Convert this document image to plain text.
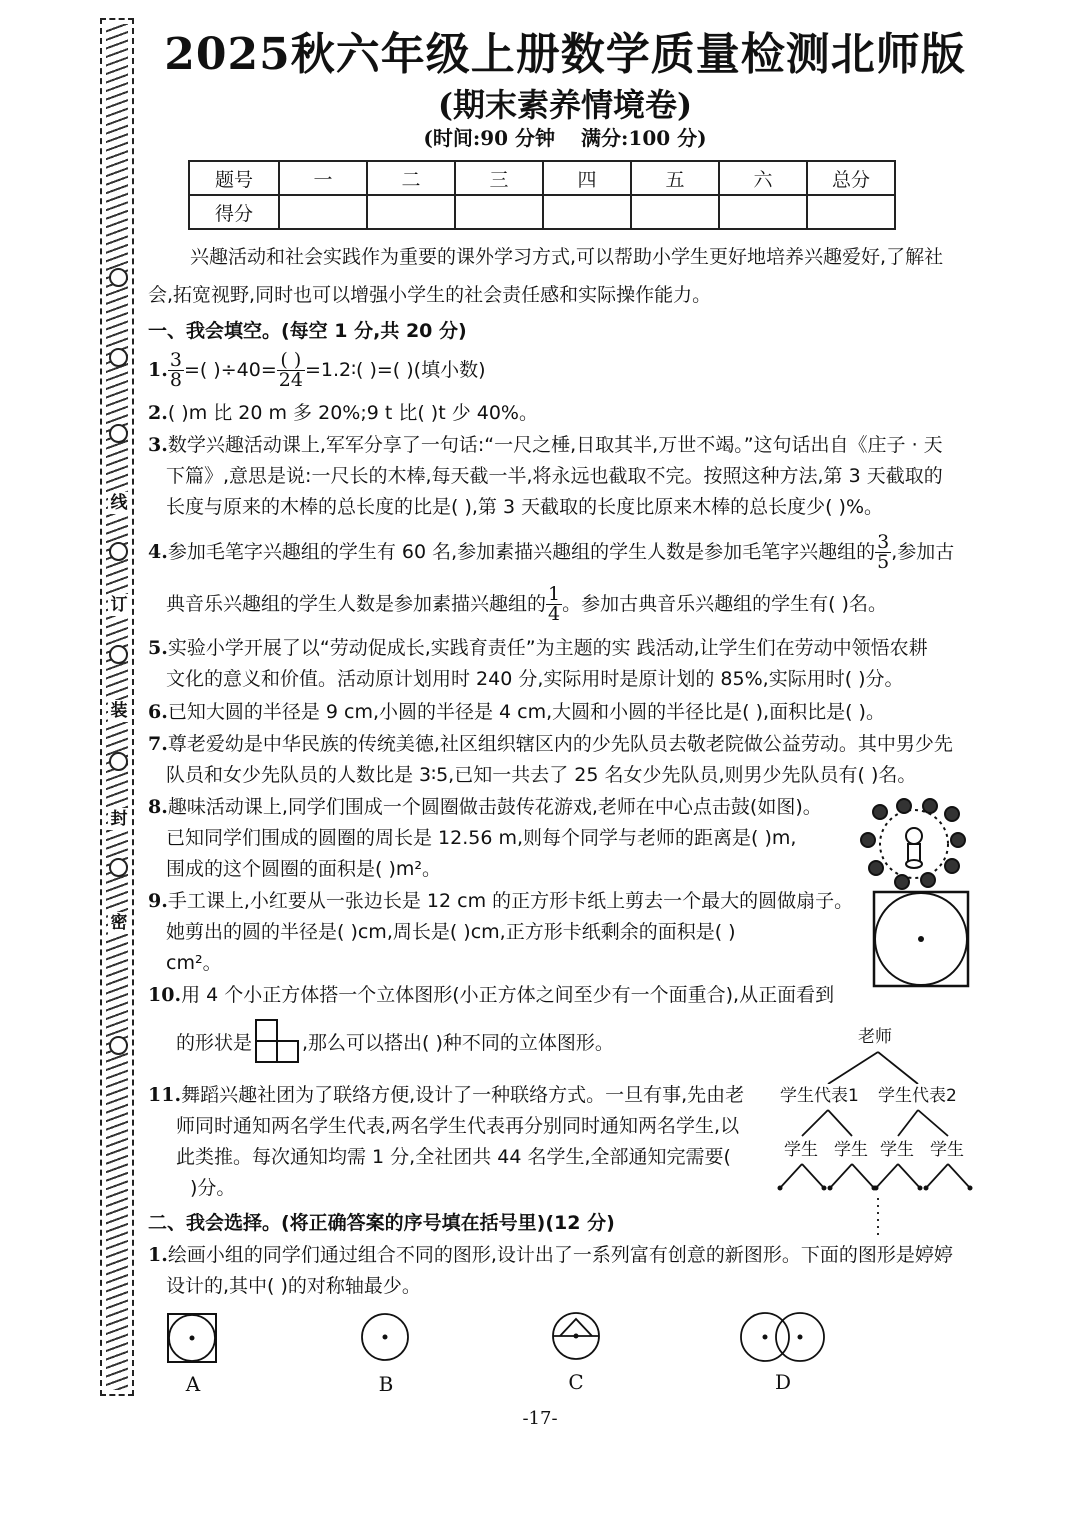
线
订
装
封
密
2025秋六年级上册数学质量检测北师版
(期末素养情境卷)
(时间:90 分钟 满分:100 分)
题号	一	二	三	四	五	六	总分
得分							
兴趣活动和社会实践作为重要的课外学习方式,可以帮助小学生更好地培养兴趣爱好,了解社
会,拓宽视野,同时也可以增强小学生的社会责任感和实际操作能力。
一、我会填空。(每空 1 分,共 20 分)
1. $\frac{3}{8}$ =( )$\div 40= \frac{( )}{24}$ =1.2∶( )=( )(填小数)
2.( )m 比 20 m 多 20%;9 t 比( )t 少 40%。
3.数学兴趣活动课上,军军分享了一句话:“一尺之棰,日取其半,万世不竭。”这句话出自《庄子 · 天
下篇》,意思是说:一尺长的木棒,每天截一半,将永远也截取不完。按照这种方法,第 3 天截取的
长度与原来的木棒的总长度的比是( ),第 3 天截取的长度比原来木棒的总长度少( )%。
4.参加毛笔字兴趣组的学生有 60 名,参加素描兴趣组的学生人数是参加毛笔字兴趣组的 $\frac{3}{5}$ ,参加古
典音乐兴趣组的学生人数是参加素描兴趣组的 $\frac{1}{4}$ 。参加古典音乐兴趣组的学生有( )名。
5.实验小学开展了以“劳动促成长,实践育责任”为主题的实 践活动,让学生们在劳动中领悟农耕
文化的意义和价值。活动原计划用时 240 分,实际用时是原计划的 85%,实际用时( )分。
6.已知大圆的半径是 9 cm,小圆的半径是 4 cm,大圆和小圆的半径比是( ),面积比是( )。
7.尊老爱幼是中华民族的传统美德,社区组织辖区内的少先队员去敬老院做公益劳动。其中男少先
队员和女少先队员的人数比是 3∶5,已知一共去了 25 名女少先队员,则男少先队员有( )名。
8.趣味活动课上,同学们围成一个圆圈做击鼓传花游戏,老师在中心点击鼓(如图)。
已知同学们围成的圆圈的周长是 12.56 m,则每个同学与老师的距离是( )m,
围成的这个圆圈的面积是( )m²。
9.手工课上,小红要从一张边长是 12 cm 的正方形卡纸上剪去一个最大的圆做扇子。
她剪出的圆的半径是( )cm,周长是( )cm,正方形卡纸剩余的面积是( )
cm²。
10.用 4 个小正方体搭一个立体图形(小正方体之间至少有一个面重合),从正面看到
的形状是	,那么可以搭出( )种不同的立体图形。
11.舞蹈兴趣社团为了联络方便,设计了一种联络方式。一旦有事,先由老
师同时通知两名学生代表,两名学生代表再分别同时通知两名学生,以
此类推。每次通知均需 1 分,全社团共 44 名学生,全部通知完需要(
)分。
老师
学生代表1 学生代表2
学生 学生 学生 学生
二、我会选择。(将正确答案的序号填在括号里)(12 分)
1.绘画小组的同学们通过组合不同的图形,设计出了一系列富有创意的新图形。下面的图形是婷婷
设计的,其中( )的对称轴最少。
A	B	C	D
-17-
